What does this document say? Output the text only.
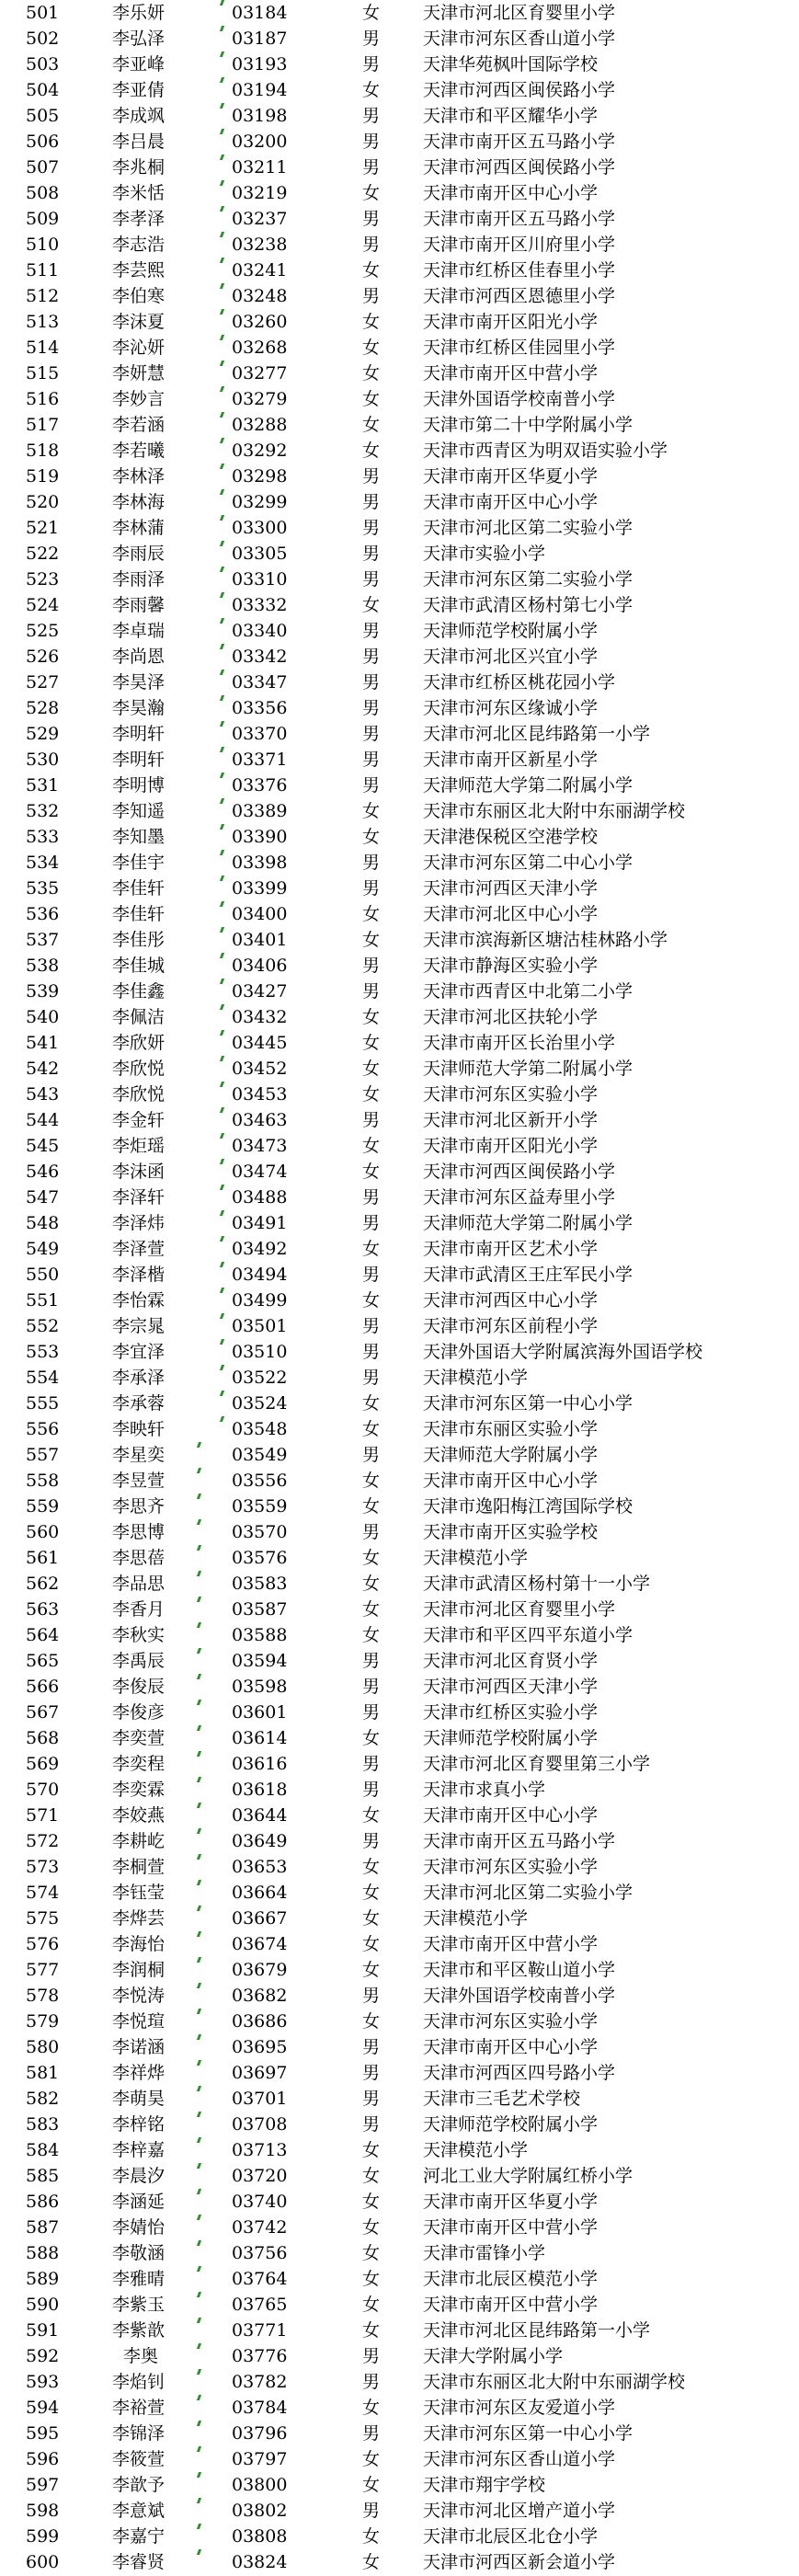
501	李乐妍	03184	女 天津市河北区育婴里小学
502	李弘泽	03187	男 天津市河东区香山道小学
503	李亚峰	03193	男 天津华苑枫叶国际学校
504	李亚倩	03194	女 天津市河西区闽侯路小学
505	李成飒	03198	男 天津市和平区耀华小学
506	李吕晨	03200	男 天津市南开区五马路小学
507	李兆桐	03211	男 天津市河西区闽侯路小学
508	李米恬	03219	女 天津市南开区中心小学
509	李孝泽	03237	男 天津市南开区五马路小学
510	李志浩	03238	男 天津市南开区川府里小学
511	李芸熙	03241	女 天津市红桥区佳春里小学
512	李伯寒	03248	男 天津市河西区恩德里小学
513	李沫夏	03260	女 天津市南开区阳光小学
514	李沁妍	03268	女 天津市红桥区佳园里小学
515	李妍慧	03277	女 天津市南开区中营小学
516	李妙言	03279	女 天津外国语学校南普小学
517	李若涵	03288	女 天津市第二十中学附属小学
518	李若曦	03292	女 天津市西青区为明双语实验小学
519	李林泽	03298	男 天津市南开区华夏小学
520	李林海	03299	男 天津市南开区中心小学
521	李林蒲	03300	男 天津市河北区第二实验小学
522	李雨辰	03305	男 天津市实验小学
523	李雨泽	03310	男 天津市河东区第二实验小学
524	李雨馨	03332	女 天津市武清区杨村第七小学
525	李卓瑞	03340	男 天津师范学校附属小学
526	李尚恩	03342	男 天津市河北区兴宜小学
527	李昊泽	03347	男 天津市红桥区桃花园小学
528	李昊瀚	03356	男 天津市河东区缘诚小学
529	李明轩	03370	男 天津市河北区昆纬路第一小学
530	李明轩	03371	男 天津市南开区新星小学
531	李明博	03376	男 天津师范大学第二附属小学
532	李知遥	03389	女 天津市东丽区北大附中东丽湖学校
533	李知墨	03390	女 天津港保税区空港学校
534	李佳宇	03398	男 天津市河东区第二中心小学
535	李佳轩	03399	男 天津市河西区天津小学
536	李佳轩	03400	女 天津市河北区中心小学
537	李佳彤	03401	女 天津市滨海新区塘沽桂林路小学
538	李佳城	03406	男 天津市静海区实验小学
539	李佳鑫	03427	男 天津市西青区中北第二小学
540	李佩洁	03432	女 天津市河北区扶轮小学
541	李欣妍	03445	女 天津市南开区长治里小学
542	李欣悦	03452	女 天津师范大学第二附属小学
543	李欣悦	03453	女 天津市河东区实验小学
544	李金轩	03463	男 天津市河北区新开小学
545	李炬瑶	03473	女 天津市南开区阳光小学
546	李沫函	03474	女 天津市河西区闽侯路小学
547	李泽轩	03488	男 天津市河东区益寿里小学
548	李泽炜	03491	男 天津师范大学第二附属小学
549	李泽萱	03492	女 天津市南开区艺术小学
550	李泽楷	03494	男 天津市武清区王庄军民小学
551	李怡霖	03499	女 天津市河西区中心小学
552	李宗晁	03501	男 天津市河东区前程小学
553	李宜泽	03510	男 天津外国语大学附属滨海外国语学校
554	李承泽	03522	男 天津模范小学
555	李承蓉	03524	女 天津市河东区第一中心小学
556	李映轩	03548	女 天津市东丽区实验小学
557	李星奕	03549	男 天津师范大学附属小学
558	李昱萱	03556	女 天津市南开区中心小学
559	李思齐	03559	女 天津市逸阳梅江湾国际学校
560	李思博	03570	男 天津市南开区实验学校
561	李思蓓	03576	女 天津模范小学
562	李品思	03583	女 天津市武清区杨村第十一小学
563	李香月	03587	女 天津市河北区育婴里小学
564	李秋实	03588	女 天津市和平区四平东道小学
565	李禹辰	03594	男 天津市河北区育贤小学
566	李俊辰	03598	男 天津市河西区天津小学
567	李俊彦	03601	男 天津市红桥区实验小学
568	李奕萱	03614	女 天津师范学校附属小学
569	李奕程	03616	男 天津市河北区育婴里第三小学
570	李奕霖	03618	男 天津市求真小学
571	李姣燕	03644	女 天津市南开区中心小学
572	李耕屹	03649	男 天津市南开区五马路小学
573	李桐萱	03653	女 天津市河东区实验小学
574	李钰莹	03664	女 天津市河北区第二实验小学
575	李烨芸	03667	女 天津模范小学
576	李海怡	03674	女 天津市南开区中营小学
577	李润桐	03679	女 天津市和平区鞍山道小学
578	李悦涛	03682	男 天津外国语学校南普小学
579	李悦瑄	03686	女 天津市河东区实验小学
580	李诺涵	03695	男 天津市南开区中心小学
581	李祥烨	03697	男 天津市河西区四号路小学
582	李萌昊	03701	男 天津市三毛艺术学校
583	李梓铭	03708	男 天津师范学校附属小学
584	李梓嘉	03713	女 天津模范小学
585	李晨汐	03720	女 河北工业大学附属红桥小学
586	李涵延	03740	女 天津市南开区华夏小学
587	李婧怡	03742	女 天津市南开区中营小学
588	李敬涵	03756	女 天津市雷锋小学
589	李雅晴	03764	女 天津市北辰区模范小学
590	李紫玉	03765	女 天津市南开区中营小学
591	李紫歆	03771	女 天津市河北区昆纬路第一小学
592	李奥	03776	男 天津大学附属小学
593	李焰钊	03782	男 天津市东丽区北大附中东丽湖学校
594	李裕萱	03784	女 天津市河东区友爱道小学
595	李锦泽	03796	男 天津市河东区第一中心小学
596	李筱萱	03797	女 天津市河东区香山道小学
597	李歆予	03800	女 天津市翔宇学校
598	李意斌	03802	男 天津市河北区增产道小学
599	李嘉宁	03808	女 天津市北辰区北仓小学
600	李睿贤	03824	女 天津市河西区新会道小学
